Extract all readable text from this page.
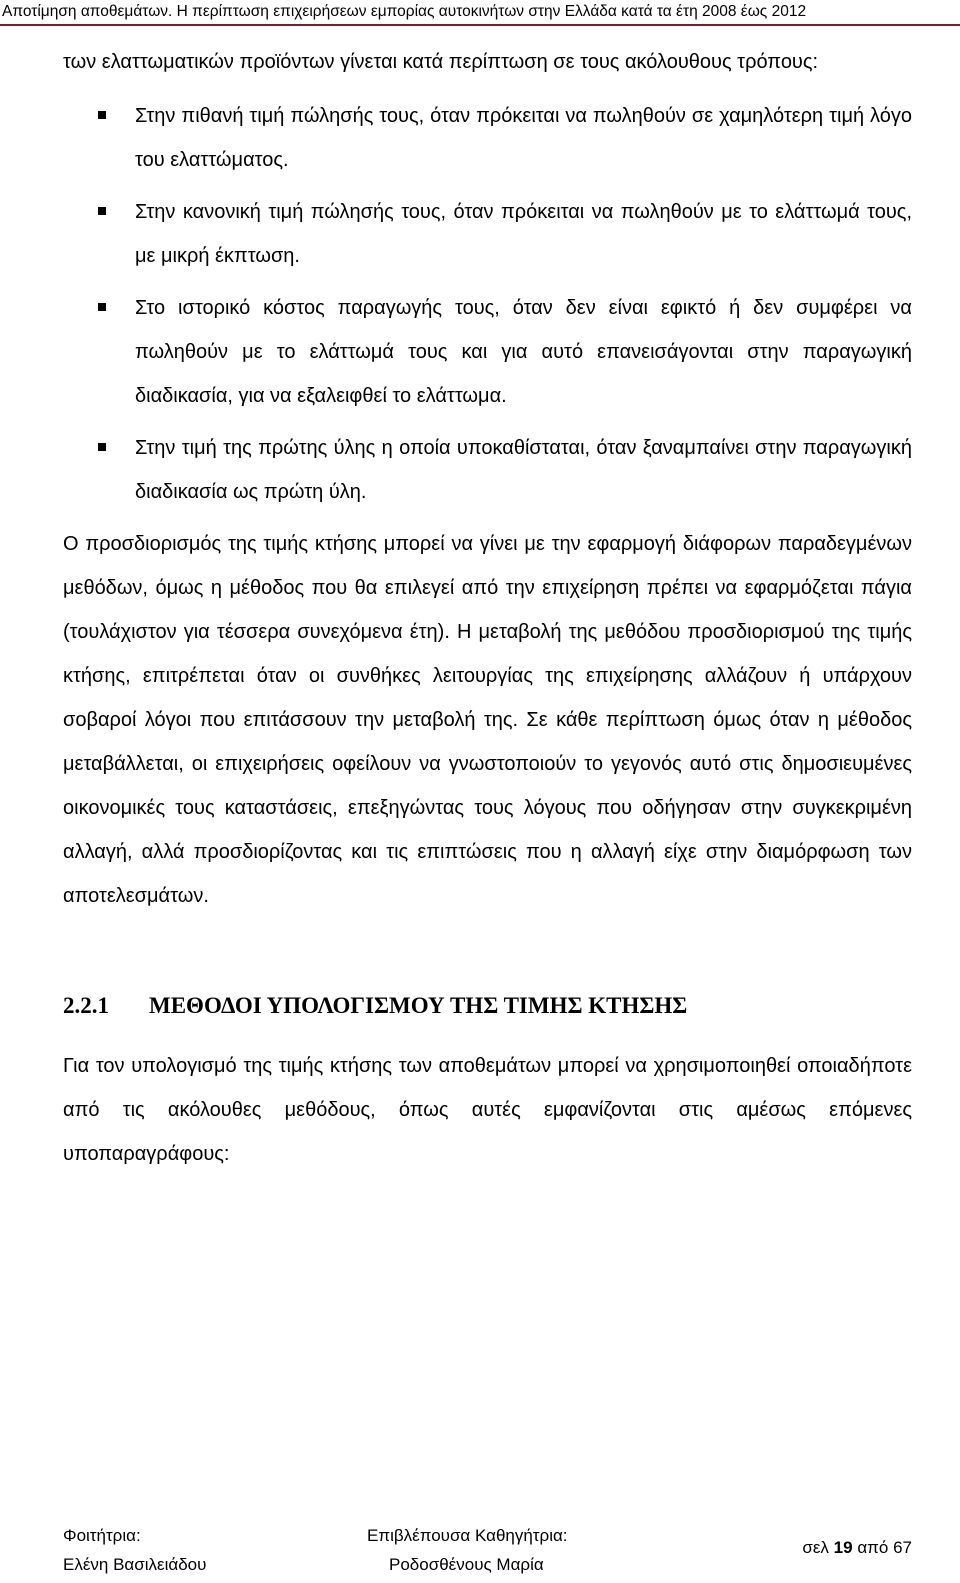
Αποτίμηση αποθεμάτων. Η περίπτωση επιχειρήσεων εμπορίας αυτοκινήτων στην Ελλάδα κατά τα έτη 2008 έως 2012

των ελαττωματικών προϊόντων γίνεται κατά περίπτωση σε τους ακόλουθους τρόπους:

Στην πιθανή τιμή πώλησής τους, όταν πρόκειται να πωληθούν σε χαμηλότερη τιμή λόγο του ελαττώματος.
Στην κανονική τιμή πώλησής τους, όταν πρόκειται να πωληθούν με το ελάττωμά τους, με μικρή έκπτωση.
Στο ιστορικό κόστος παραγωγής τους, όταν δεν είναι εφικτό ή δεν συμφέρει να πωληθούν με το ελάττωμά τους και για αυτό επανεισάγονται στην παραγωγική διαδικασία, για να εξαλειφθεί το ελάττωμα.
Στην τιμή της πρώτης ύλης η οποία υποκαθίσταται, όταν ξαναμπαίνει στην παραγωγική διαδικασία ως πρώτη ύλη.

Ο προσδιορισμός της τιμής κτήσης μπορεί να γίνει με την εφαρμογή διάφορων παραδεγμένων μεθόδων, όμως η μέθοδος που θα επιλεγεί από την επιχείρηση πρέπει να εφαρμόζεται πάγια (τουλάχιστον για τέσσερα συνεχόμενα έτη). Η μεταβολή της μεθόδου προσδιορισμού της τιμής κτήσης, επιτρέπεται όταν οι συνθήκες λειτουργίας της επιχείρησης αλλάζουν ή υπάρχουν σοβαροί λόγοι που επιτάσσουν την μεταβολή της. Σε κάθε περίπτωση όμως όταν η μέθοδος μεταβάλλεται, οι επιχειρήσεις οφείλουν να γνωστοποιούν το γεγονός αυτό στις δημοσιευμένες οικονομικές τους καταστάσεις, επεξηγώντας τους λόγους που οδήγησαν στην συγκεκριμένη αλλαγή, αλλά προσδιορίζοντας και τις επιπτώσεις που η αλλαγή είχε στην διαμόρφωση των αποτελεσμάτων.

2.2.1 ΜΕΘΟΔΟΙ ΥΠΟΛΟΓΙΣΜΟΥ ΤΗΣ ΤΙΜΗΣ ΚΤΗΣΗΣ

Για τον υπολογισμό της τιμής κτήσης των αποθεμάτων μπορεί να χρησιμοποιηθεί οποιαδήποτε από τις ακόλουθες μεθόδους, όπως αυτές εμφανίζονται στις αμέσως επόμενες υποπαραγράφους:

Φοιτήτρια:
Ελένη Βασιλειάδου
Επιβλέπουσα Καθηγήτρια:
Ροδοσθένους Μαρία
σελ 19 από 67
